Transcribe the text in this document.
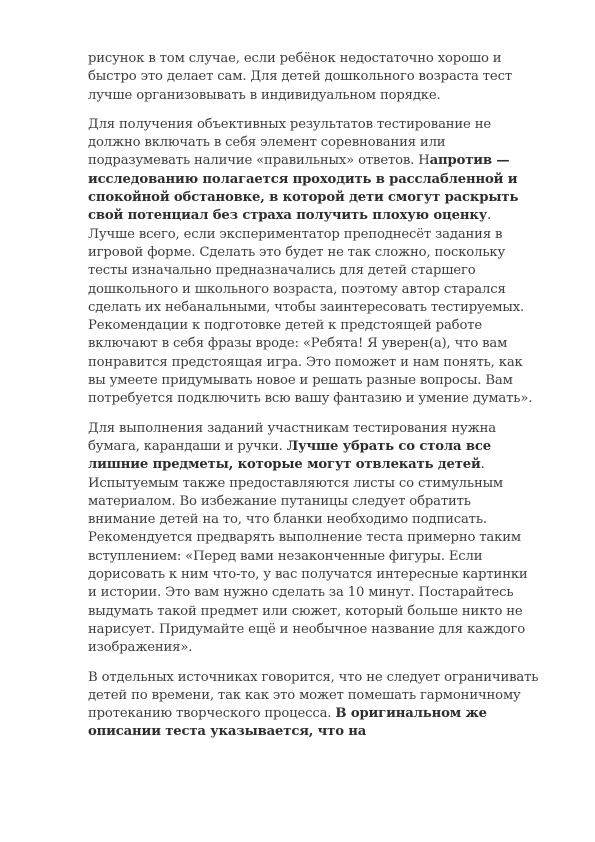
рисунок в том случае, если ребёнок недостаточно хорошо и быстро это делает сам. Для детей дошкольного возраста тест лучше организовывать в индивидуальном порядке.

Для получения объективных результатов тестирование не должно включать в себя элемент соревнования или подразумевать наличие «правильных» ответов. Напротив — исследованию полагается проходить в расслабленной и спокойной обстановке, в которой дети смогут раскрыть свой потенциал без страха получить плохую оценку. Лучше всего, если экспериментатор преподнесёт задания в игровой форме. Сделать это будет не так сложно, поскольку тесты изначально предназначались для детей старшего дошкольного и школьного возраста, поэтому автор старался сделать их небанальными, чтобы заинтересовать тестируемых. Рекомендации к подготовке детей к предстоящей работе включают в себя фразы вроде: «Ребята! Я уверен(а), что вам понравится предстоящая игра. Это поможет и нам понять, как вы умеете придумывать новое и решать разные вопросы. Вам потребуется подключить всю вашу фантазию и умение думать».

Для выполнения заданий участникам тестирования нужна бумага, карандаши и ручки. Лучше убрать со стола все лишние предметы, которые могут отвлекать детей. Испытуемым также предоставляются листы со стимульным материалом. Во избежание путаницы следует обратить внимание детей на то, что бланки необходимо подписать. Рекомендуется предварять выполнение теста примерно таким вступлением: «Перед вами незаконченные фигуры. Если дорисовать к ним что-то, у вас получатся интересные картинки и истории. Это вам нужно сделать за 10 минут. Постарайтесь выдумать такой предмет или сюжет, который больше никто не нарисует. Придумайте ещё и необычное название для каждого изображения».

В отдельных источниках говорится, что не следует ограничивать детей по времени, так как это может помешать гармоничному протеканию творческого процесса. В оригинальном же описании теста указывается, что на
